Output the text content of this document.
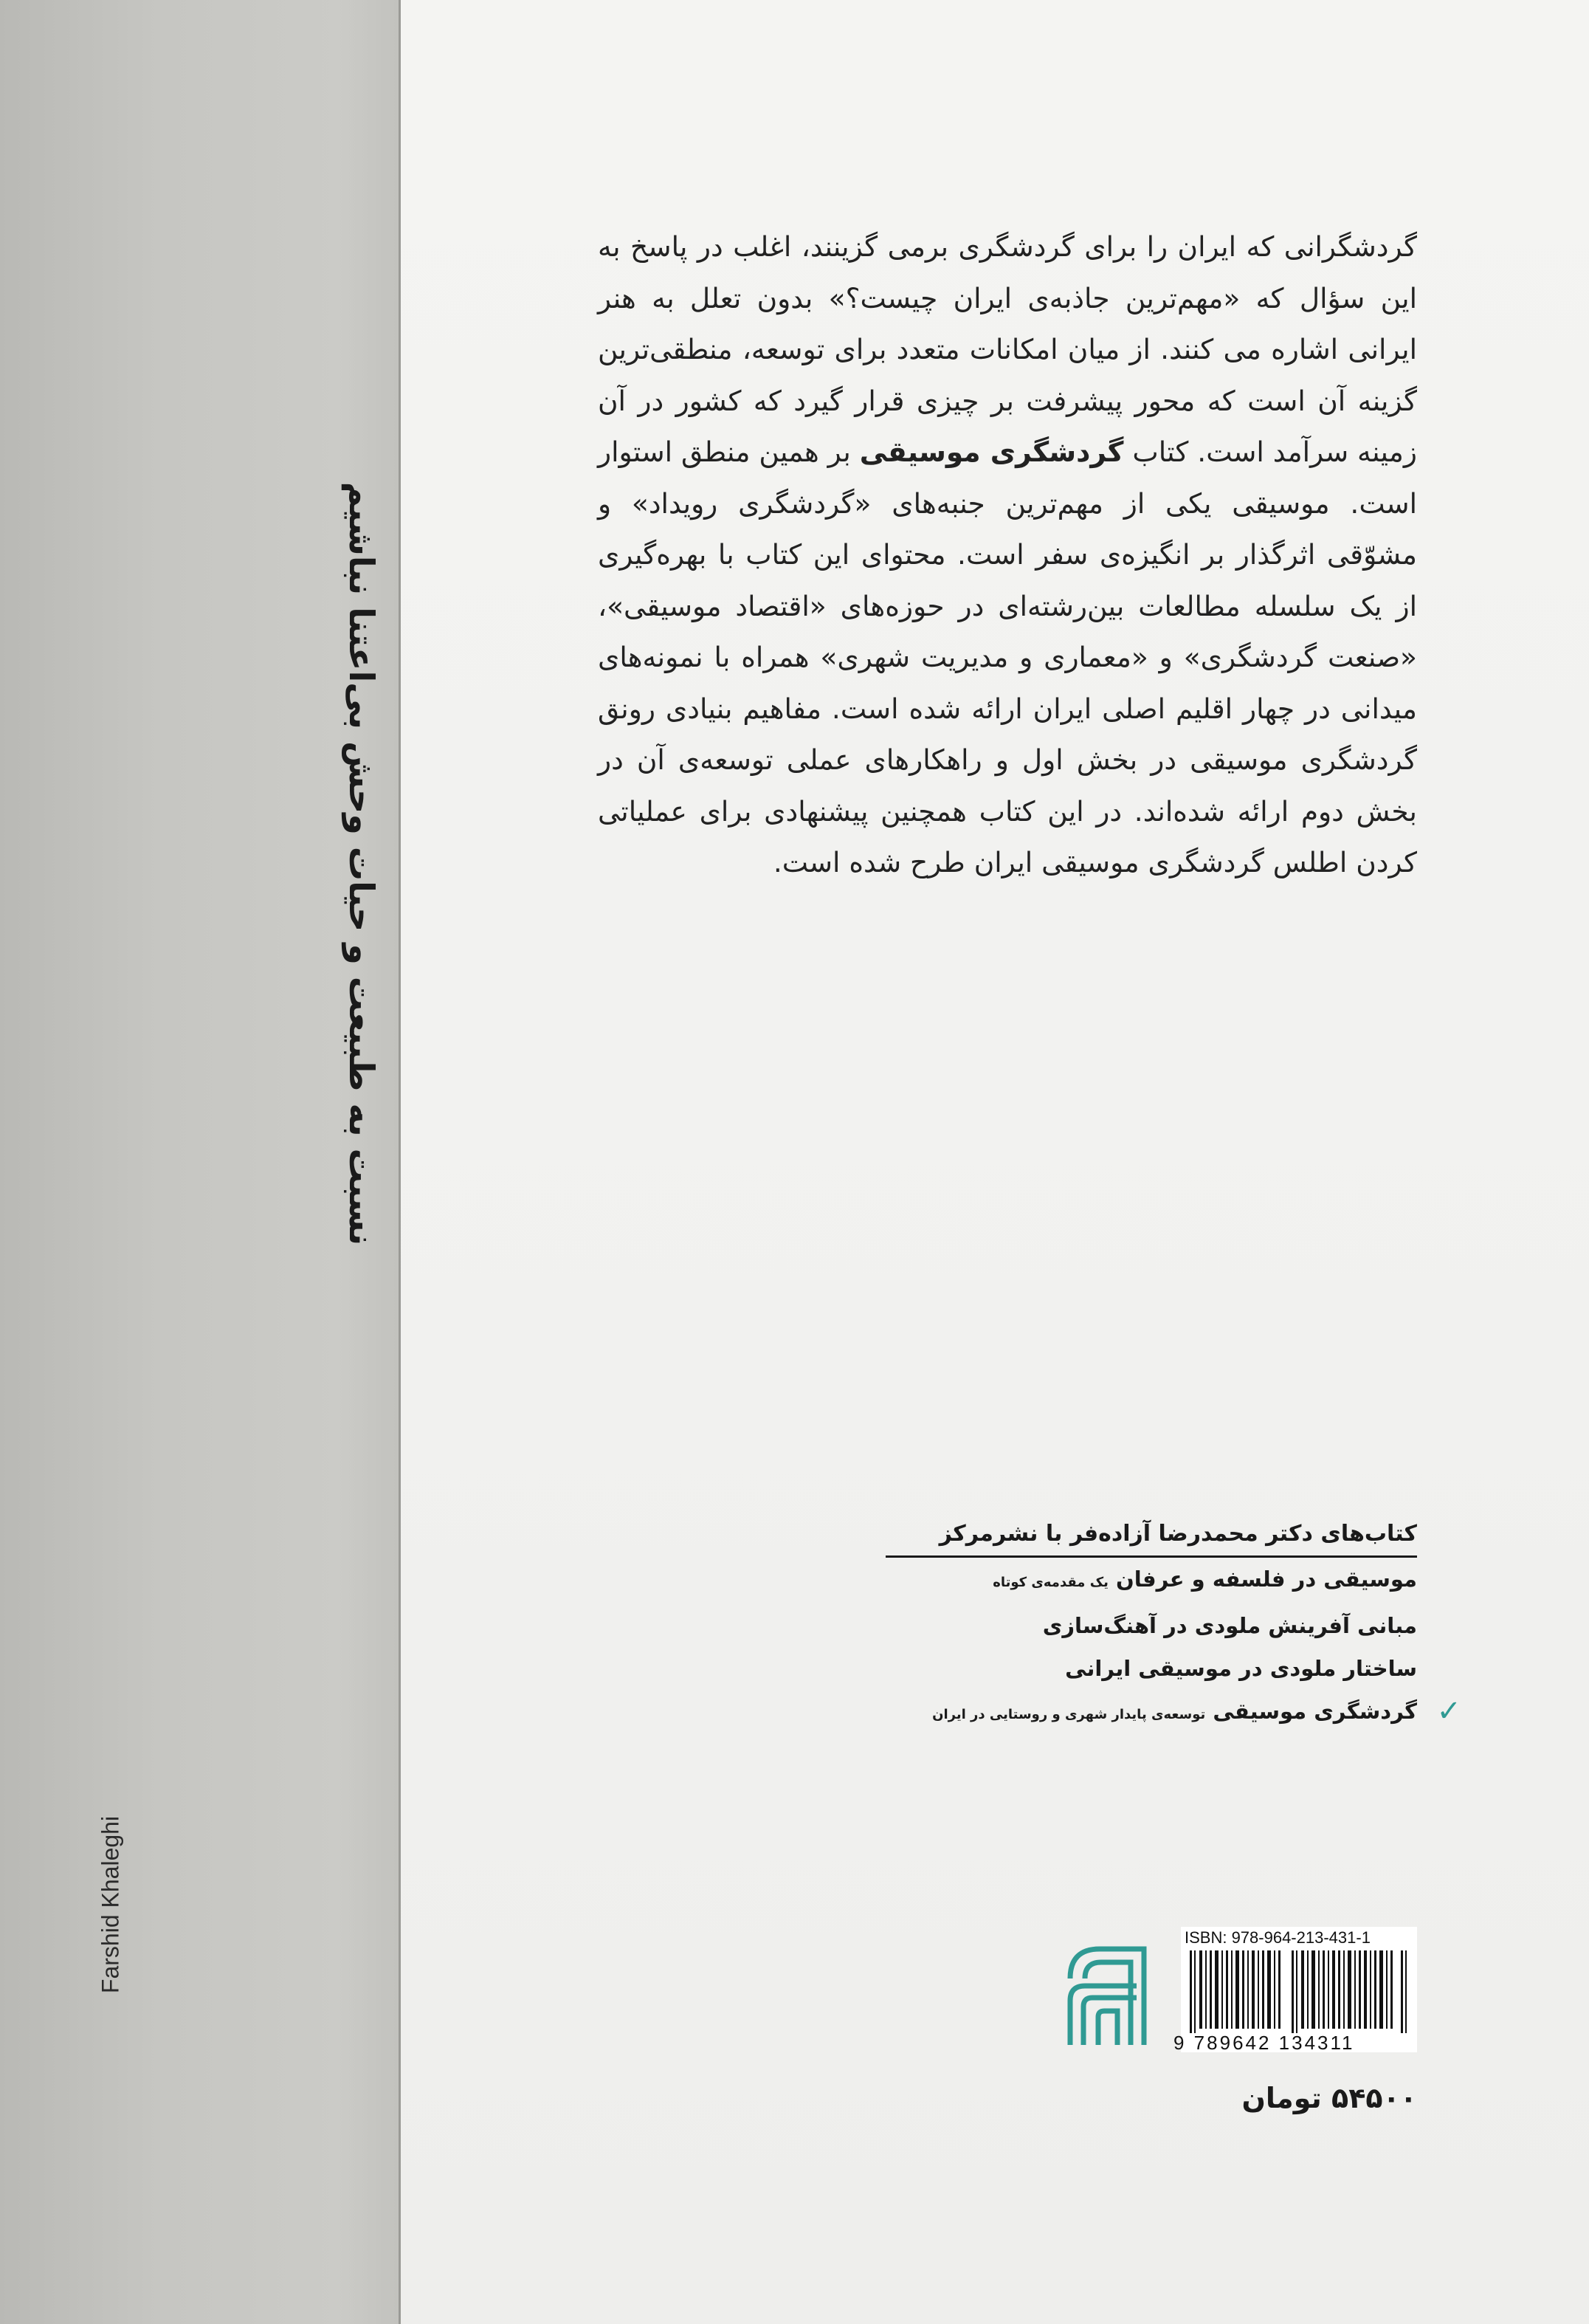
نسبت به طبیعت و حیات وحش بی‌اعتنا نباشیم
Farshid Khaleghi
گردشگرانی که ایران را برای گردشگری برمی گزینند، اغلب در پاسخ به این سؤال که «مهم‌ترین جاذبه‌ی ایران چیست؟» بدون تعلل به هنر ایرانی اشاره می کنند. از میان امکانات متعدد برای توسعه، منطقی‌ترین گزینه آن است که محور پیشرفت بر چیزی قرار گیرد که کشور در آن زمینه سرآمد است. کتاب گردشگری موسیقی بر همین منطق استوار است. موسیقی یکی از مهم‌ترین جنبه‌های «گردشگری رویداد» و مشوّقی اثرگذار بر انگیزه‌ی سفر است. محتوای این کتاب با بهره‌گیری از یک سلسله مطالعات بین‌رشته‌ای در حوزه‌های «اقتصاد موسیقی»، «صنعت گردشگری» و «معماری و مدیریت شهری» همراه با نمونه‌های میدانی در چهار اقلیم اصلی ایران ارائه شده است. مفاهیم بنیادی رونق گردشگری موسیقی در بخش اول و راهکارهای عملی توسعه‌ی آن در بخش دوم ارائه شده‌اند. در این کتاب همچنین پیشنهادی برای عملیاتی کردن اطلس گردشگری موسیقی ایران طرح شده است.
کتاب‌های دکتر محمدرضا آزاده‌فر با نشرمرکز
موسیقی در فلسفه و عرفان یک مقدمه‌ی کوتاه
مبانی آفرینش ملودی در آهنگ‌سازی
ساختار ملودی در موسیقی ایرانی
✓
گردشگری موسیقی توسعه‌ی پایدار شهری و روستایی در ایران
ISBN: 978-964-213-431-1
9 789642 134311
۵۴۵۰۰ تومان
